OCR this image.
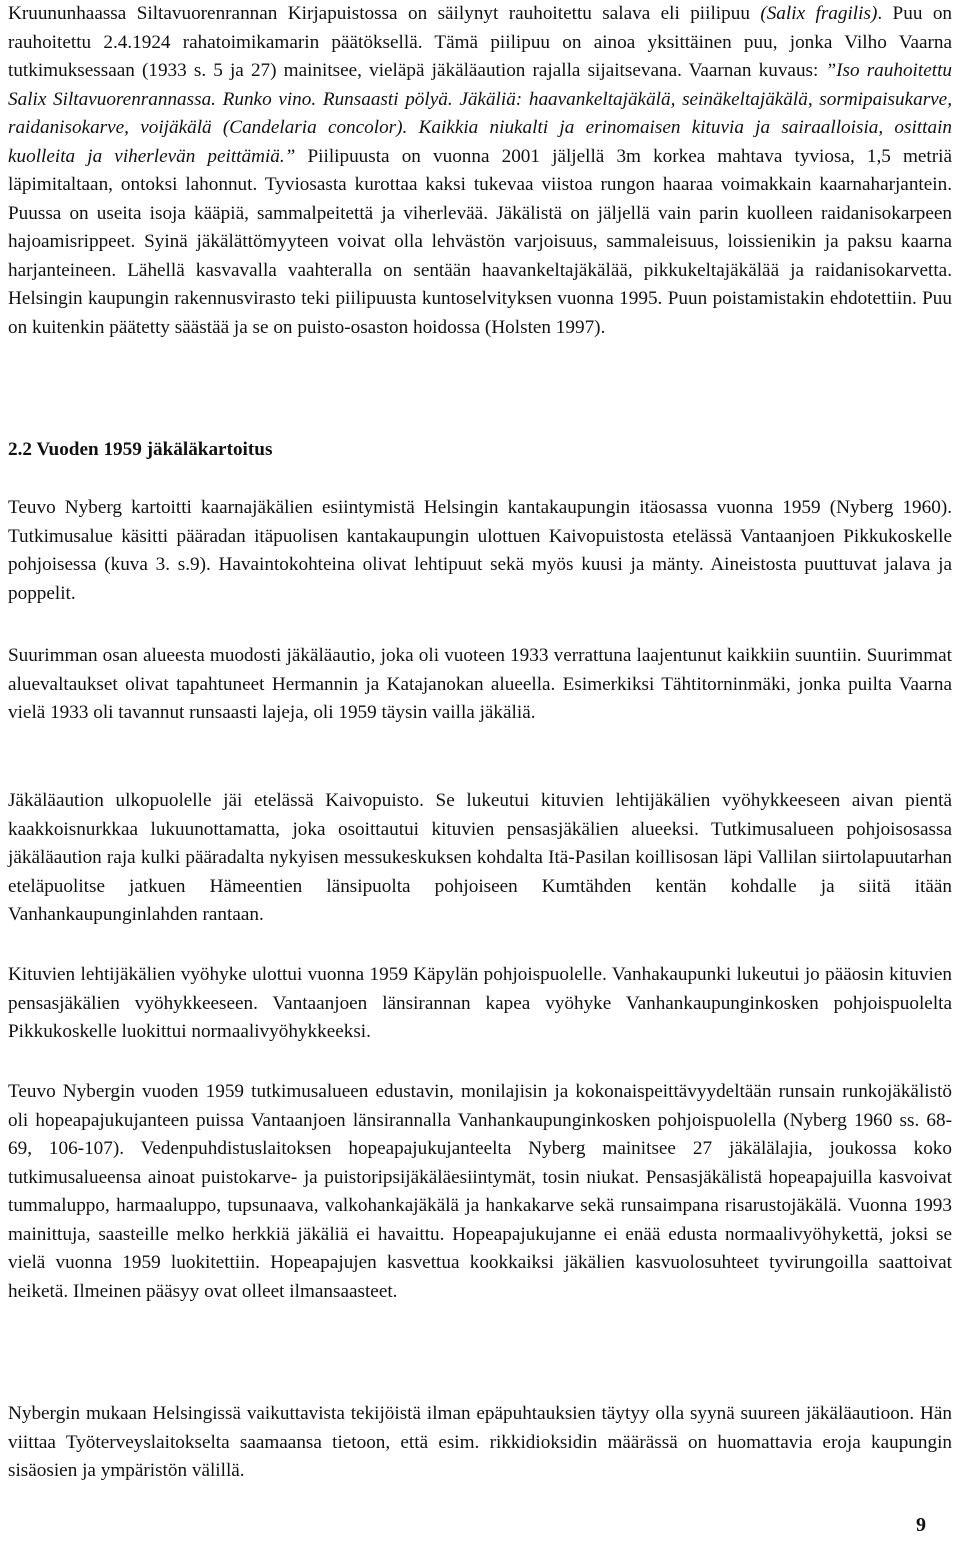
Kruununhaassa Siltavuorenrannan Kirjapuistossa on säilynyt rauhoitettu salava eli piilipuu (Salix fragilis). Puu on rauhoitettu 2.4.1924 rahatoimikamarin päätöksellä. Tämä piilipuu on ainoa yksittäinen puu, jonka Vilho Vaarna tutkimuksessaan (1933 s. 5 ja 27) mainitsee, vieläpä jäkäläaution rajalla sijaitsevana. Vaarnan kuvaus: ”Iso rauhoitettu Salix Siltavuorenrannassa. Runko vino. Runsaasti pölyä. Jäkäliä: haavankeltajäkälä, seinäkeltajäkälä, sormipaisukarve, raidanisokarve, voijäkälä (Candelaria concolor). Kaikkia niukalti ja erinomaisen kituvia ja sairaalloisia, osittain kuolleita ja viherlevän peittämiä.” Piilipuusta on vuonna 2001 jäljellä 3m korkea mahtava tyviosa, 1,5 metriä läpimitaltaan, ontoksi lahonnut. Tyviosasta kurottaa kaksi tukevaa viistoa rungon haaraa voimakkain kaarnaharjantein. Puussa on useita isoja kääpiä, sammalpeitettä ja viherlevää. Jäkälistä on jäljellä vain parin kuolleen raidanisokarpeen hajoamisrippeet. Syinä jäkälättömyyteen voivat olla lehvästön varjoisuus, sammaleisuus, loissienikin ja paksu kaarna harjanteineen. Lähellä kasvavalla vaahteralla on sentään haavankeltajäkälää, pikkukeltajäkälää ja raidanisokarvetta. Helsingin kaupungin rakennusvirasto teki piilipuusta kuntoselvityksen vuonna 1995. Puun poistamistakin ehdotettiin. Puu on kuitenkin päätetty säästää ja se on puisto-osaston hoidossa (Holsten 1997).

2.2 Vuoden 1959 jäkäläkartoitus

Teuvo Nyberg kartoitti kaarnajäkälien esiintymistä Helsingin kantakaupungin itäosassa vuonna 1959 (Nyberg 1960). Tutkimusalue käsitti pääradan itäpuolisen kantakaupungin ulottuen Kaivopuistosta etelässä Vantaanjoen Pikkukoskelle pohjoisessa (kuva 3. s.9). Havaintokohteina olivat lehtipuut sekä myös kuusi ja mänty. Aineistosta puuttuvat jalava ja poppelit.

Suurimman osan alueesta muodosti jäkäläautio, joka oli vuoteen 1933 verrattuna laajentunut kaikkiin suuntiin. Suurimmat aluevaltaukset olivat tapahtuneet Hermannin ja Katajanokan alueella. Esimerkiksi Tähtitorninmäki, jonka puilta Vaarna vielä 1933 oli tavannut runsaasti lajeja, oli 1959 täysin vailla jäkäliä.

Jäkäläaution ulkopuolelle jäi etelässä Kaivopuisto. Se lukeutui kituvien lehtijäkälien vyöhykkeeseen aivan pientä kaakkoisnurkkaa lukuunottamatta, joka osoittautui kituvien pensasjäkälien alueeksi. Tutkimusalueen pohjoisosassa jäkäläaution raja kulki pääradalta nykyisen messukeskuksen kohdalta Itä-Pasilan koillisosan läpi Vallilan siirtolapuutarhan eteläpuolitse jatkuen Hämeentien länsipuolta pohjoiseen Kumtähden kentän kohdalle ja siitä itään Vanhankaupunginlahden rantaan.

Kituvien lehtijäkälien vyöhyke ulottui vuonna 1959 Käpylän pohjoispuolelle. Vanhakaupunki lukeutui jo pääosin kituvien pensasjäkälien vyöhykkeeseen. Vantaanjoen länsirannan kapea vyöhyke Vanhankaupunginkosken pohjoispuolelta Pikkukoskelle luokittui normaalivyöhykkeeksi.

Teuvo Nybergin vuoden 1959 tutkimusalueen edustavin, monilajisin ja kokonaispeittävyydeltään runsain runkojäkälistö oli hopeapajukujanteen puissa Vantaanjoen länsirannalla Vanhankaupunginkosken pohjoispuolella (Nyberg 1960 ss. 68-69, 106-107). Vedenpuhdistuslaitoksen hopeapajukujanteelta Nyberg mainitsee 27 jäkälälajia, joukossa koko tutkimusalueensa ainoat puistokarve- ja puistoripsijäkäläesiintymät, tosin niukat. Pensasjäkälistä hopeapajuilla kasvoivat tummaluppo, harmaaluppo, tupsunaava, valkohankajäkälä ja hankakarve sekä runsaimpana risarustojäkälä. Vuonna 1993 mainittuja, saasteille melko herkkiä jäkäliä ei havaittu. Hopeapajukujanne ei enää edusta normaalivyöhykettä, joksi se vielä vuonna 1959 luokitettiin. Hopeapajujen kasvettua kookkaiksi jäkälien kasvuolosuhteet tyvirungoilla saattoivat heiketä. Ilmeinen pääsyy ovat olleet ilmansaasteet.

Nybergin mukaan Helsingissä vaikuttavista tekijöistä ilman epäpuhtauksien täytyy olla syynä suureen jäkäläautioon. Hän viittaa Työterveyslaitokselta saamaansa tietoon, että esim. rikkidioksidin määrässä on huomattavia eroja kaupungin sisäosien ja ympäristön välillä.

9
